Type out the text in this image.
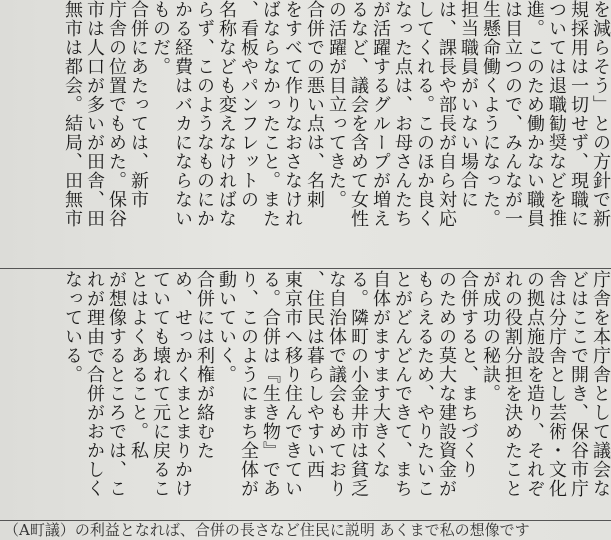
を減らそう」との方針で新
規採用は一切せず、現職に
ついては退職勧奨などを推
進。このため働かない職員
は目立つので、みんなが一
生懸命働くようになった。
担当職員がいない場合に
は、課長や部長が自ら対応
してくれる。このほか良く
なった点は、お母さんたち
が活躍するグループが増え
るなど、議会を含めて女性
の活躍が目立ってきた。
合併での悪い点は、名刺
をすべて作りなおさなけれ
ばならなかったこと。また
、看板やパンフレットの
名称なども変えなければな
らず、このようなものにか
かる経費はバカにならない
ものだ。
合併にあたっては、新市
庁舎の位置でもめた。保谷
市は人口が多いが田舎、田
無市は都会。結局、田無市
庁舎を本庁舎として議会な
どはここで開き、保谷市庁
舎は分庁舎とし芸術・文化
の拠点施設を造り、それぞ
れの役割分担を決めたこと
が成功の秘訣。
合併すると、まちづくり
のための莫大な建設資金が
もらえるため、やりたいこ
とがどんどんできて、まち
自体がますます大きくな
る。隣町の小金井市は貧乏
な自治体で議会もめており
、住民は暮らしやすい西
東京市へ移り住んできてい
る。合併は『生き物』であ
り、このようにまち全体が
動いていく。
合併には利権が絡むた
め、せっかくまとまりかけ
ていても壊れて元に戻るこ
とはよくあること。私
が想像するところでは、こ
れが理由で合併がおかしく
なっている。
（A町議）の利益となれば、合併の長さなど住民に説明 あくまで私の想像です
